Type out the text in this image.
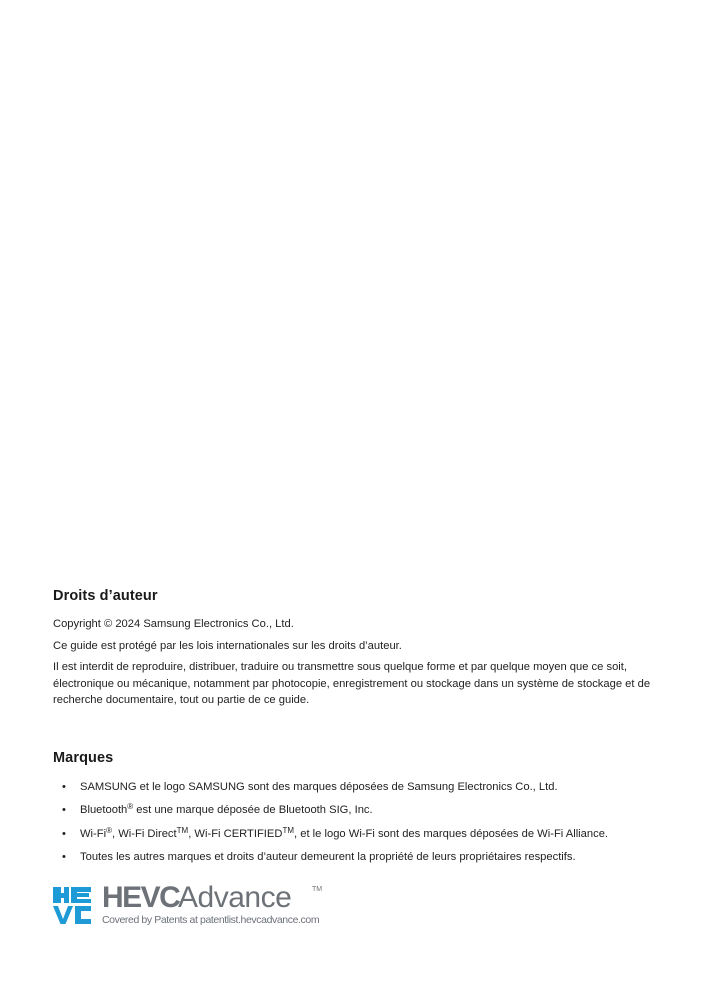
Droits d’auteur

Copyright © 2024 Samsung Electronics Co., Ltd.

Ce guide est protégé par les lois internationales sur les droits d’auteur.

Il est interdit de reproduire, distribuer, traduire ou transmettre sous quelque forme et par quelque moyen que ce soit, électronique ou mécanique, notamment par photocopie, enregistrement ou stockage dans un système de stockage et de recherche documentaire, tout ou partie de ce guide.

Marques
• SAMSUNG et le logo SAMSUNG sont des marques déposées de Samsung Electronics Co., Ltd.
• Bluetooth® est une marque déposée de Bluetooth SIG, Inc.
• Wi-Fi®, Wi-Fi Direct™, Wi-Fi CERTIFIED™, et le logo Wi-Fi sont des marques déposées de Wi-Fi Alliance.
• Toutes les autres marques et droits d’auteur demeurent la propriété de leurs propriétaires respectifs.
HEVC
Advance	TM
Covered by Patents at patentlist.hevcadvance.com
